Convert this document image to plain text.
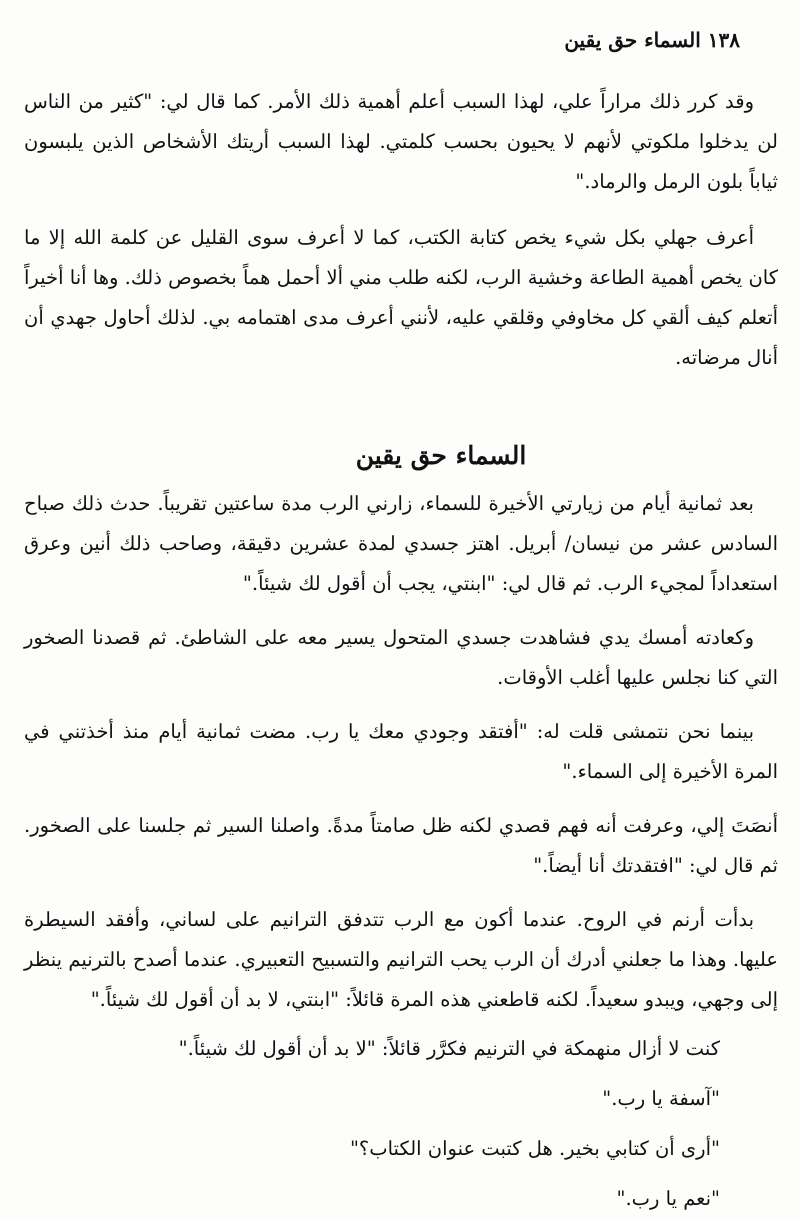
١٣٨ السماء حق يقين

وقد كرر ذلك مراراً علي، لهذا السبب أعلم أهمية ذلك الأمر. كما قال لي: "كثير من الناس لن يدخلوا ملكوتي لأنهم لا يحيون بحسب كلمتي. لهذا السبب أريتك الأشخاص الذين يلبسون ثياباً بلون الرمل والرماد."

أعرف جهلي بكل شيء يخص كتابة الكتب، كما لا أعرف سوى القليل عن كلمة الله إلا ما كان يخص أهمية الطاعة وخشية الرب، لكنه طلب مني ألا أحمل هماً بخصوص ذلك. وها أنا أخيراً أتعلم كيف ألقي كل مخاوفي وقلقي عليه، لأنني أعرف مدى اهتمامه بي. لذلك أحاول جهدي أن أنال مرضاته.

السماء حق يقين

بعد ثمانية أيام من زيارتي الأخيرة للسماء، زارني الرب مدة ساعتين تقريباً. حدث ذلك صباح السادس عشر من نيسان/ أبريل. اهتز جسدي لمدة عشرين دقيقة، وصاحب ذلك أنين وعرق استعداداً لمجيء الرب. ثم قال لي: "ابنتي، يجب أن أقول لك شيئاً."

وكعادته أمسك يدي فشاهدت جسدي المتحول يسير معه على الشاطئ. ثم قصدنا الصخور التي كنا نجلس عليها أغلب الأوقات.

بينما نحن نتمشى قلت له: "أفتقد وجودي معك يا رب. مضت ثمانية أيام منذ أخذتني في المرة الأخيرة إلى السماء."

أنصَتَ إلي، وعرفت أنه فهم قصدي لكنه ظل صامتاً مدةً. واصلنا السير ثم جلسنا على الصخور. ثم قال لي: "افتقدتك أنا أيضاً."

بدأت أرنم في الروح. عندما أكون مع الرب تتدفق الترانيم على لساني، وأفقد السيطرة عليها. وهذا ما جعلني أدرك أن الرب يحب الترانيم والتسبيح التعبيري. عندما أصدح بالترنيم ينظر إلى وجهي، ويبدو سعيداً. لكنه قاطعني هذه المرة قائلاً: "ابنتي، لا بد أن أقول لك شيئاً."

كنت لا أزال منهمكة في الترنيم فكرَّر قائلاً: "لا بد أن أقول لك شيئاً."

"آسفة يا رب."

"أرى أن كتابي بخير. هل كتبت عنوان الكتاب؟"

"نعم يا رب."
